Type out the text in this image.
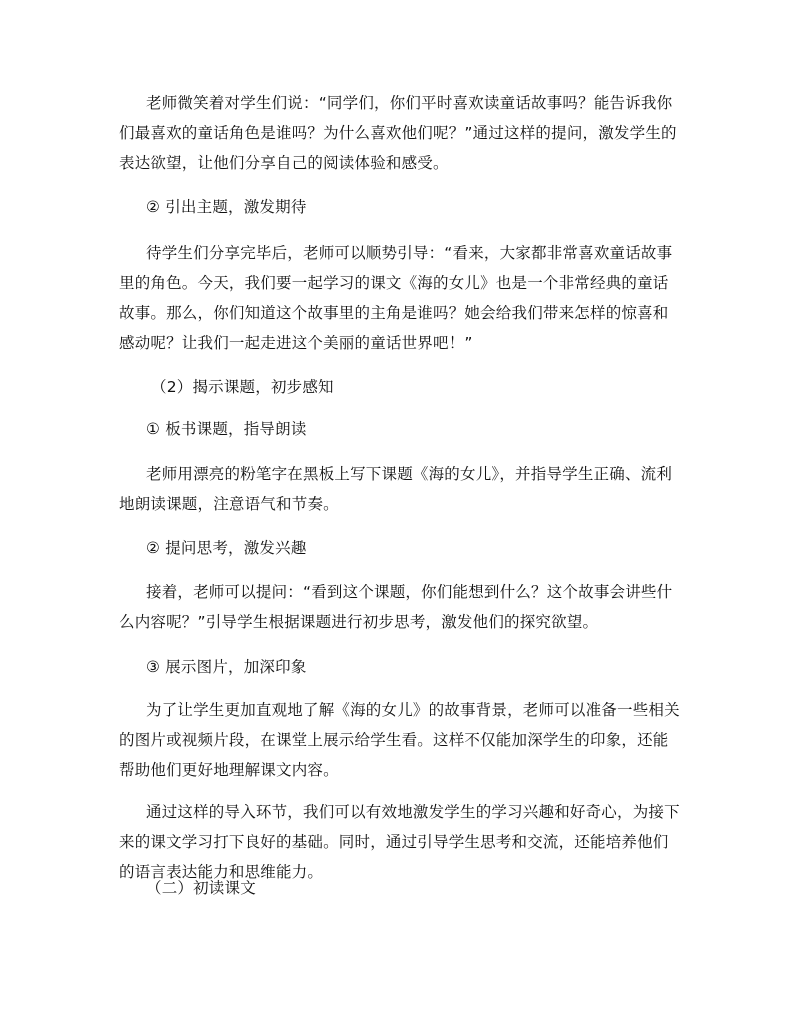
老师微笑着对学生们说：“同学们，你们平时喜欢读童话故事吗？能告诉我你们最喜欢的童话角色是谁吗？为什么喜欢他们呢？”通过这样的提问，激发学生的表达欲望，让他们分享自己的阅读体验和感受。

② 引出主题，激发期待

待学生们分享完毕后，老师可以顺势引导：“看来，大家都非常喜欢童话故事里的角色。今天，我们要一起学习的课文《海的女儿》也是一个非常经典的童话故事。那么，你们知道这个故事里的主角是谁吗？她会给我们带来怎样的惊喜和感动呢？让我们一起走进这个美丽的童话世界吧！”

（2）揭示课题，初步感知

① 板书课题，指导朗读

老师用漂亮的粉笔字在黑板上写下课题《海的女儿》，并指导学生正确、流利地朗读课题，注意语气和节奏。

② 提问思考，激发兴趣

接着，老师可以提问：“看到这个课题，你们能想到什么？这个故事会讲些什么内容呢？”引导学生根据课题进行初步思考，激发他们的探究欲望。

③ 展示图片，加深印象

为了让学生更加直观地了解《海的女儿》的故事背景，老师可以准备一些相关的图片或视频片段，在课堂上展示给学生看。这样不仅能加深学生的印象，还能帮助他们更好地理解课文内容。

通过这样的导入环节，我们可以有效地激发学生的学习兴趣和好奇心，为接下来的课文学习打下良好的基础。同时，通过引导学生思考和交流，还能培养他们的语言表达能力和思维能力。

（二）初读课文
